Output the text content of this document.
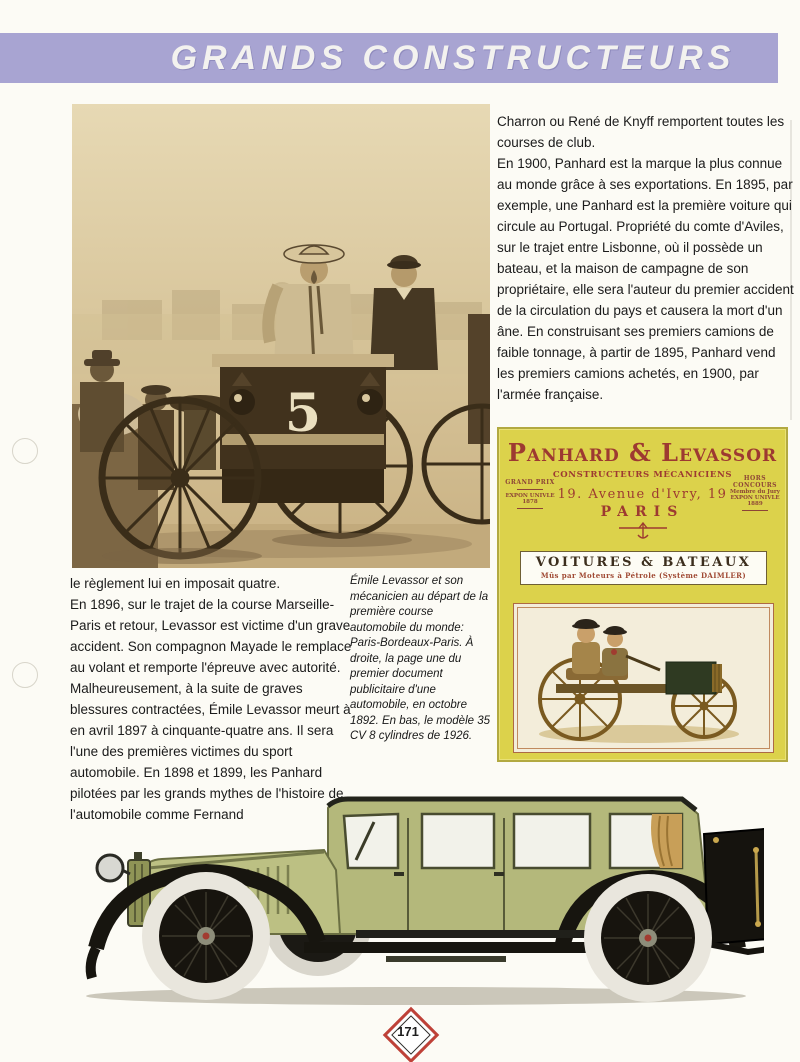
GRANDS CONSTRUCTEURS
5

Charron ou René de Knyff remportent toutes les courses de club.

En 1900, Panhard est la marque la plus connue au monde grâce à ses exportations. En 1895, par exemple, une Panhard est la première voiture qui circule au Portugal. Propriété du comte d'Aviles, sur le trajet entre Lisbonne, où il possède un bateau, et la maison de campagne de son propriétaire, elle sera l'auteur du premier accident de la circulation du pays et causera la mort d'un âne. En construisant ses premiers camions de faible tonnage, à partir de 1895, Panhard vend les premiers camions achetés, en 1900, par l'armée française.

Panhard & Levassor
CONSTRUCTEURS MÉCANICIENS
19. Avenue d'Ivry, 19
PARIS
GRAND PRIX
EXPON UNIVLE 1878
HORS CONCOURS
Membre du Jury
EXPON UNIVLE 1889
VOITURES & BATEAUX
Mûs par Moteurs à Pétrole (Système DAIMLER)
Émile Levassor et son mécanicien au départ de la première course automobile du monde: Paris-Bordeaux-Paris. À droite, la page une du premier document publicitaire d'une automobile, en octobre 1892. En bas, le modèle 35 CV 8 cylindres de 1926.

le règlement lui en imposait quatre.

En 1896, sur le trajet de la course Marseille-Paris et retour, Levassor est victime d'un grave accident. Son compagnon Mayade le remplace au volant et remporte l'épreuve avec autorité. Malheureusement, à la suite de graves blessures contractées, Émile Levassor meurt à en avril 1897 à cinquante-quatre ans. Il sera l'une des premières victimes du sport automobile. En 1898 et 1899, les Panhard pilotées par les grands mythes de l'histoire de l'automobile comme Fernand

171
